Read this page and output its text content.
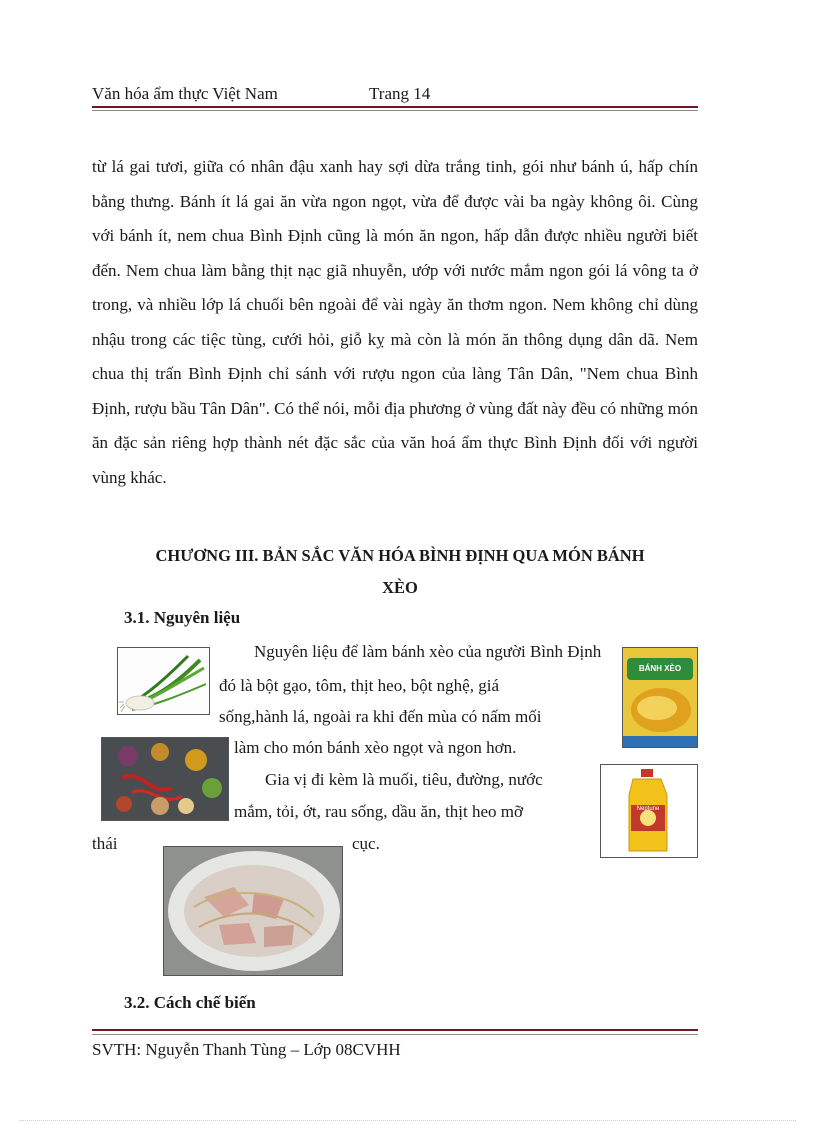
Văn hóa ẩm thực Việt Nam	Trang 14

từ lá gai tươi, giữa có nhân đậu xanh hay sợi dừa trắng tinh, gói như bánh ú, hấp chín bằng thưng. Bánh ít lá gai ăn vừa ngon ngọt, vừa để được vài ba ngày không ôi. Cùng với bánh ít, nem chua Bình Định cũng là món ăn ngon, hấp dẫn được nhiều người biết đến. Nem chua làm bằng thịt nạc giã nhuyễn, ướp với nước mắm ngon gói lá vông ta ở trong, và nhiều lớp lá chuối bên ngoài để vài ngày ăn thơm ngon. Nem không chỉ dùng nhậu trong các tiệc tùng, cưới hỏi, giỗ kỵ mà còn là món ăn thông dụng dân dã. Nem chua thị trấn Bình Định chỉ sánh với rượu ngon của làng Tân Dân, "Nem chua Bình Định, rượu bầu Tân Dân". Có thể nói, mỗi địa phương ở vùng đất này đều có những món ăn đặc sản riêng hợp thành nét đặc sắc của văn hoá ẩm thực Bình Định đối với người vùng khác.

CHƯƠNG III. BẢN SẮC VĂN HÓA BÌNH ĐỊNH QUA MÓN BÁNH
XÈO
3.1. Nguyên liệu
BÁNH XÈO
Nguyên liệu để làm bánh xèo của người Bình Định
đó là bột gạo, tôm, thịt heo, bột nghệ, giá
sống,hành lá, ngoài ra khi đến mùa có nấm mối
làm cho món bánh xèo ngọt và ngon hơn.
Gia vị đi kèm là muối, tiêu, đường, nước
mắm, tỏi, ớt, rau sống, dầu ăn, thịt heo mỡ	Neptune
thái	cục.
3.2. Cách chế biến
SVTH: Nguyễn Thanh Tùng – Lớp 08CVHH
